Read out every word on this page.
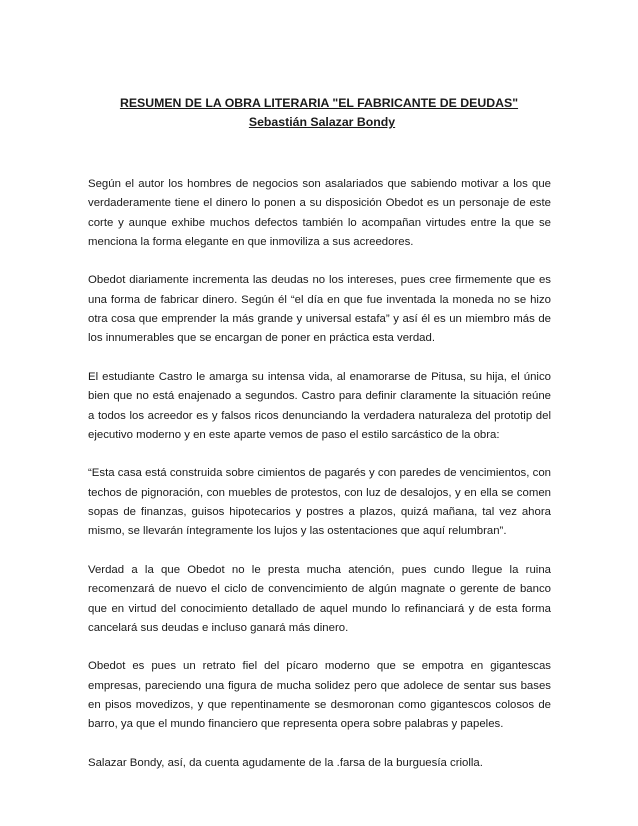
RESUMEN DE LA OBRA LITERARIA "EL FABRICANTE DE DEUDAS"
Sebastián Salazar Bondy

Según el autor los hombres de negocios son asalariados que sabiendo motivar a los que verdaderamente tiene el dinero lo ponen a su disposición Obedot es un personaje de este corte y aunque exhibe muchos defectos también lo acompañan virtudes entre la que se menciona la forma elegante en que inmoviliza a sus acreedores.

Obedot diariamente incrementa las deudas no los intereses, pues cree firmemente que es una forma de fabricar dinero. Según él “el día en que fue inventada la moneda no se hizo otra cosa que emprender la más grande y universal estafa” y así él es un miembro más de los innumerables que se encargan de poner en práctica esta verdad.

El estudiante Castro le amarga su intensa vida, al enamorarse de Pitusa, su hija, el único bien que no está enajenado a segundos. Castro para definir claramente la situación reúne a todos los acreedor es y falsos ricos denunciando la verdadera naturaleza del prototip del ejecutivo moderno y en este aparte vemos de paso el estilo sarcástico de la obra:

“Esta casa está construida sobre cimientos de pagarés y con paredes de vencimientos, con techos de pignoración, con muebles de protestos, con luz de desalojos, y en ella se comen sopas de finanzas, guisos hipotecarios y postres a plazos, quizá mañana, tal vez ahora mismo, se llevarán íntegramente los lujos y las ostentaciones que aquí relumbran”.

Verdad a la que Obedot no le presta mucha atención, pues cundo llegue la ruina recomenzará de nuevo el ciclo de convencimiento de algún magnate o gerente de banco que en virtud del conocimiento detallado de aquel mundo lo refinanciará y de esta forma cancelará sus deudas e incluso ganará más dinero.

Obedot es pues un retrato fiel del pícaro moderno que se empotra en gigantescas empresas, pareciendo una figura de mucha solidez pero que adolece de sentar sus bases en pisos movedizos, y que repentinamente se desmoronan como gigantescos colosos de barro, ya que el mundo financiero que representa opera sobre palabras y papeles.

Salazar Bondy, así, da cuenta agudamente de la .farsa de la burguesía criolla.
